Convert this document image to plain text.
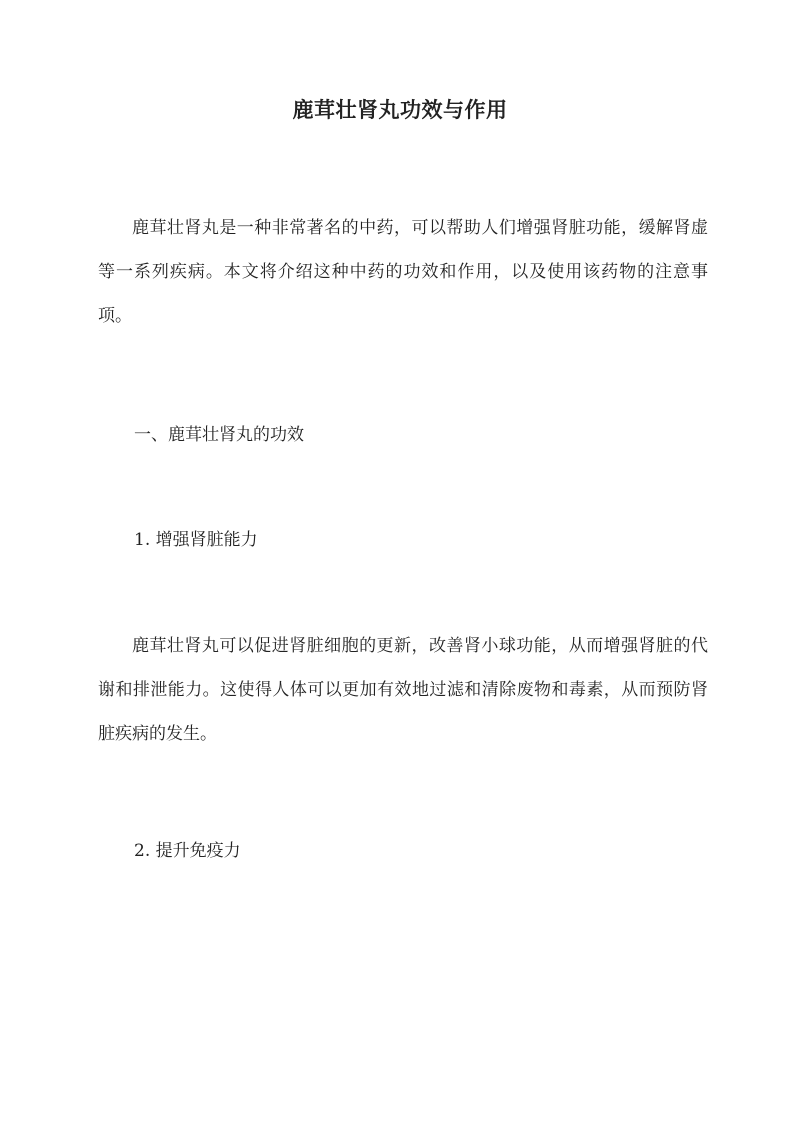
鹿茸壮肾丸功效与作用

鹿茸壮肾丸是一种非常著名的中药，可以帮助人们增强肾脏功能，缓解肾虚等一系列疾病。本文将介绍这种中药的功效和作用，以及使用该药物的注意事项。

一、鹿茸壮肾丸的功效

1. 增强肾脏能力

鹿茸壮肾丸可以促进肾脏细胞的更新，改善肾小球功能，从而增强肾脏的代谢和排泄能力。这使得人体可以更加有效地过滤和清除废物和毒素，从而预防肾脏疾病的发生。

2. 提升免疫力
